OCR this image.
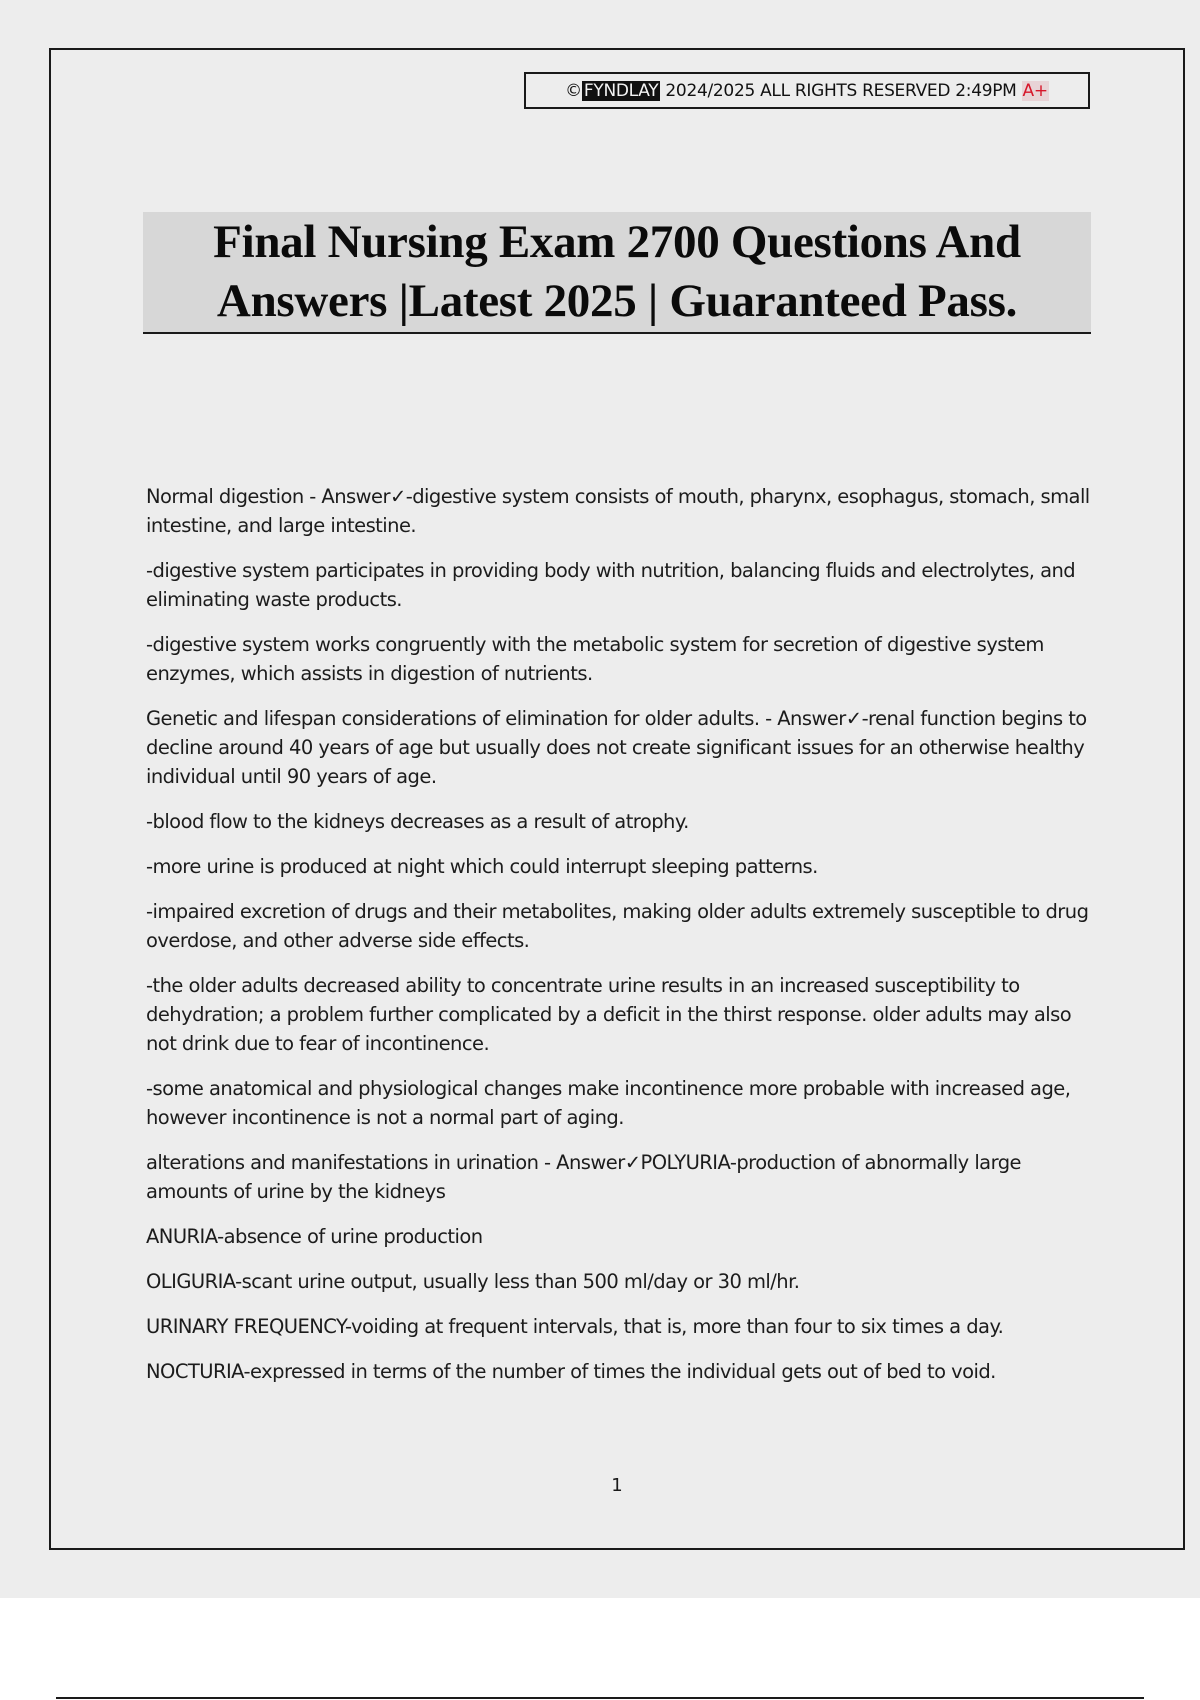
© FYNDLAY 2024/2025 ALL RIGHTS RESERVED 2:49PM A+
Final Nursing Exam 2700 Questions And
Answers |Latest 2025 | Guaranteed Pass.

Normal digestion - Answer✓-digestive system consists of mouth, pharynx, esophagus, stomach, small intestine, and large intestine.

-digestive system participates in providing body with nutrition, balancing fluids and electrolytes, and eliminating waste products.

-digestive system works congruently with the metabolic system for secretion of digestive system enzymes, which assists in digestion of nutrients.

Genetic and lifespan considerations of elimination for older adults. - Answer✓-renal function begins to decline around 40 years of age but usually does not create significant issues for an otherwise healthy individual until 90 years of age.

-blood flow to the kidneys decreases as a result of atrophy.

-more urine is produced at night which could interrupt sleeping patterns.

-impaired excretion of drugs and their metabolites, making older adults extremely susceptible to drug overdose, and other adverse side effects.

-the older adults decreased ability to concentrate urine results in an increased susceptibility to dehydration; a problem further complicated by a deficit in the thirst response. older adults may also not drink due to fear of incontinence.

-some anatomical and physiological changes make incontinence more probable with increased age, however incontinence is not a normal part of aging.

alterations and manifestations in urination - Answer✓POLYURIA-production of abnormally large amounts of urine by the kidneys

ANURIA-absence of urine production

OLIGURIA-scant urine output, usually less than 500 ml/day or 30 ml/hr.

URINARY FREQUENCY-voiding at frequent intervals, that is, more than four to six times a day.

NOCTURIA-expressed in terms of the number of times the individual gets out of bed to void.

1
